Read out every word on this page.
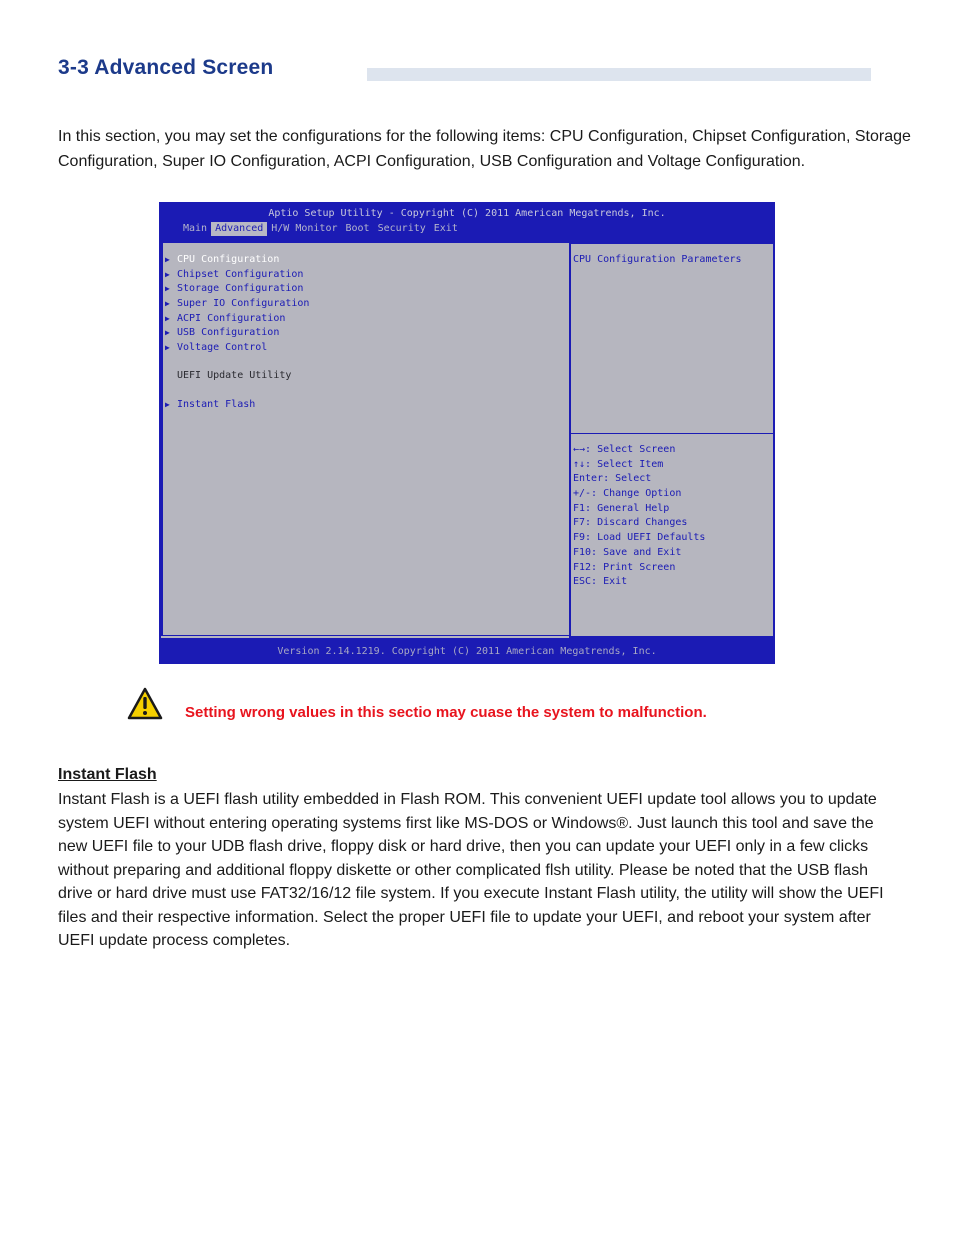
3-3 Advanced Screen

In this section, you may set the configurations for the following items: CPU Configuration, Chipset Configuration, Storage Configuration, Super IO Configuration, ACPI Configuration, USB Configuration and Voltage Configuration.

Aptio Setup Utility - Copyright (C) 2011 American Megatrends, Inc.
Main Advanced H/W Monitor Boot Security Exit
▶ CPU Configuration
▶ Chipset Configuration
▶ Storage Configuration
▶ Super IO Configuration
▶ ACPI Configuration
▶ USB Configuration
▶ Voltage Control
UEFI Update Utility
▶ Instant Flash
CPU Configuration Parameters
←→: Select Screen
↑↓: Select Item
Enter: Select
+/-: Change Option
F1: General Help
F7: Discard Changes
F9: Load UEFI Defaults
F10: Save and Exit
F12: Print Screen
ESC: Exit
Version 2.14.1219. Copyright (C) 2011 American Megatrends, Inc.
Setting wrong values in this sectio may cuase the system to malfunction.
Instant Flash

Instant Flash is a UEFI flash utility embedded in Flash ROM. This convenient UEFI update tool allows you to update system UEFI without entering operating systems first like MS-DOS or Windows®. Just launch this tool and save the new UEFI file to your UDB flash drive, floppy disk or hard drive, then you can update your UEFI only in a few clicks without preparing and additional floppy diskette or other complicated flsh utility. Please be noted that the USB flash drive or hard drive must use FAT32/16/12 file system. If you execute Instant Flash utility, the utility will show the UEFI files and their respective information. Select the proper UEFI file to update your UEFI, and reboot your system after UEFI update process completes.
